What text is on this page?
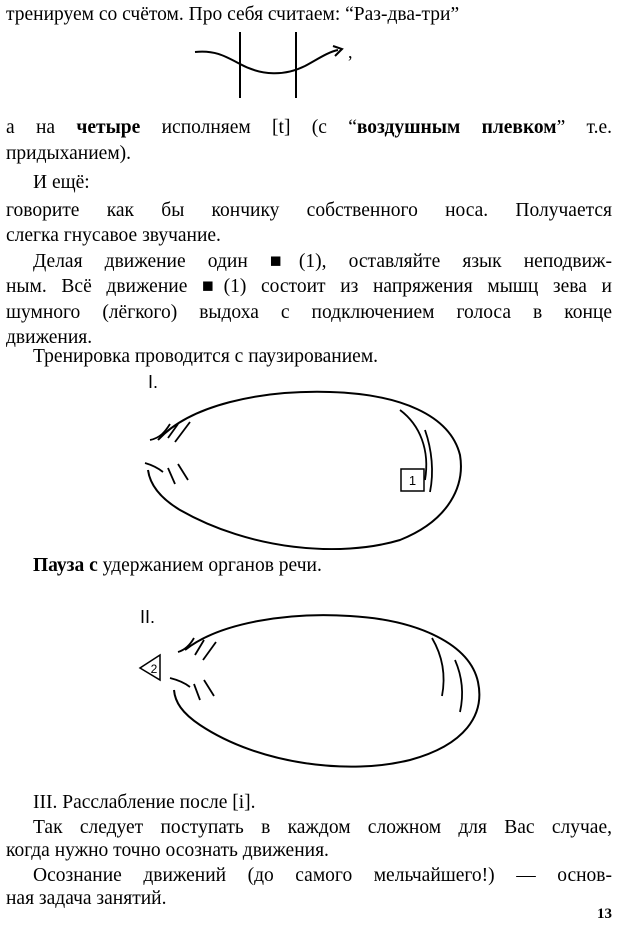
тренируем со счётом. Про себя считаем: “Раз-два-три”
,
а на четыре исполняем [t] (с “воздушным плевком” т.е.
придыханием).
И ещё:
говорите как бы кончику собственного носа. Получается
слегка гнусавое звучание.
Делая движение один ■(1), оставляйте язык неподвиж-
ным. Всё движение ■(1) состоит из напряжения мышц зева и
шумного (лёгкого) выдоха с подключением голоса в конце
движения.
Тренировка проводится с паузированием.
I.
1
Пауза с удержанием органов речи.
II.
2
III. Расслабление после [i].
Так следует поступать в каждом сложном для Вас случае,
когда нужно точно осознать движения.
Осознание движений (до самого мельчайшего!) — основ-
ная задача занятий.
13
